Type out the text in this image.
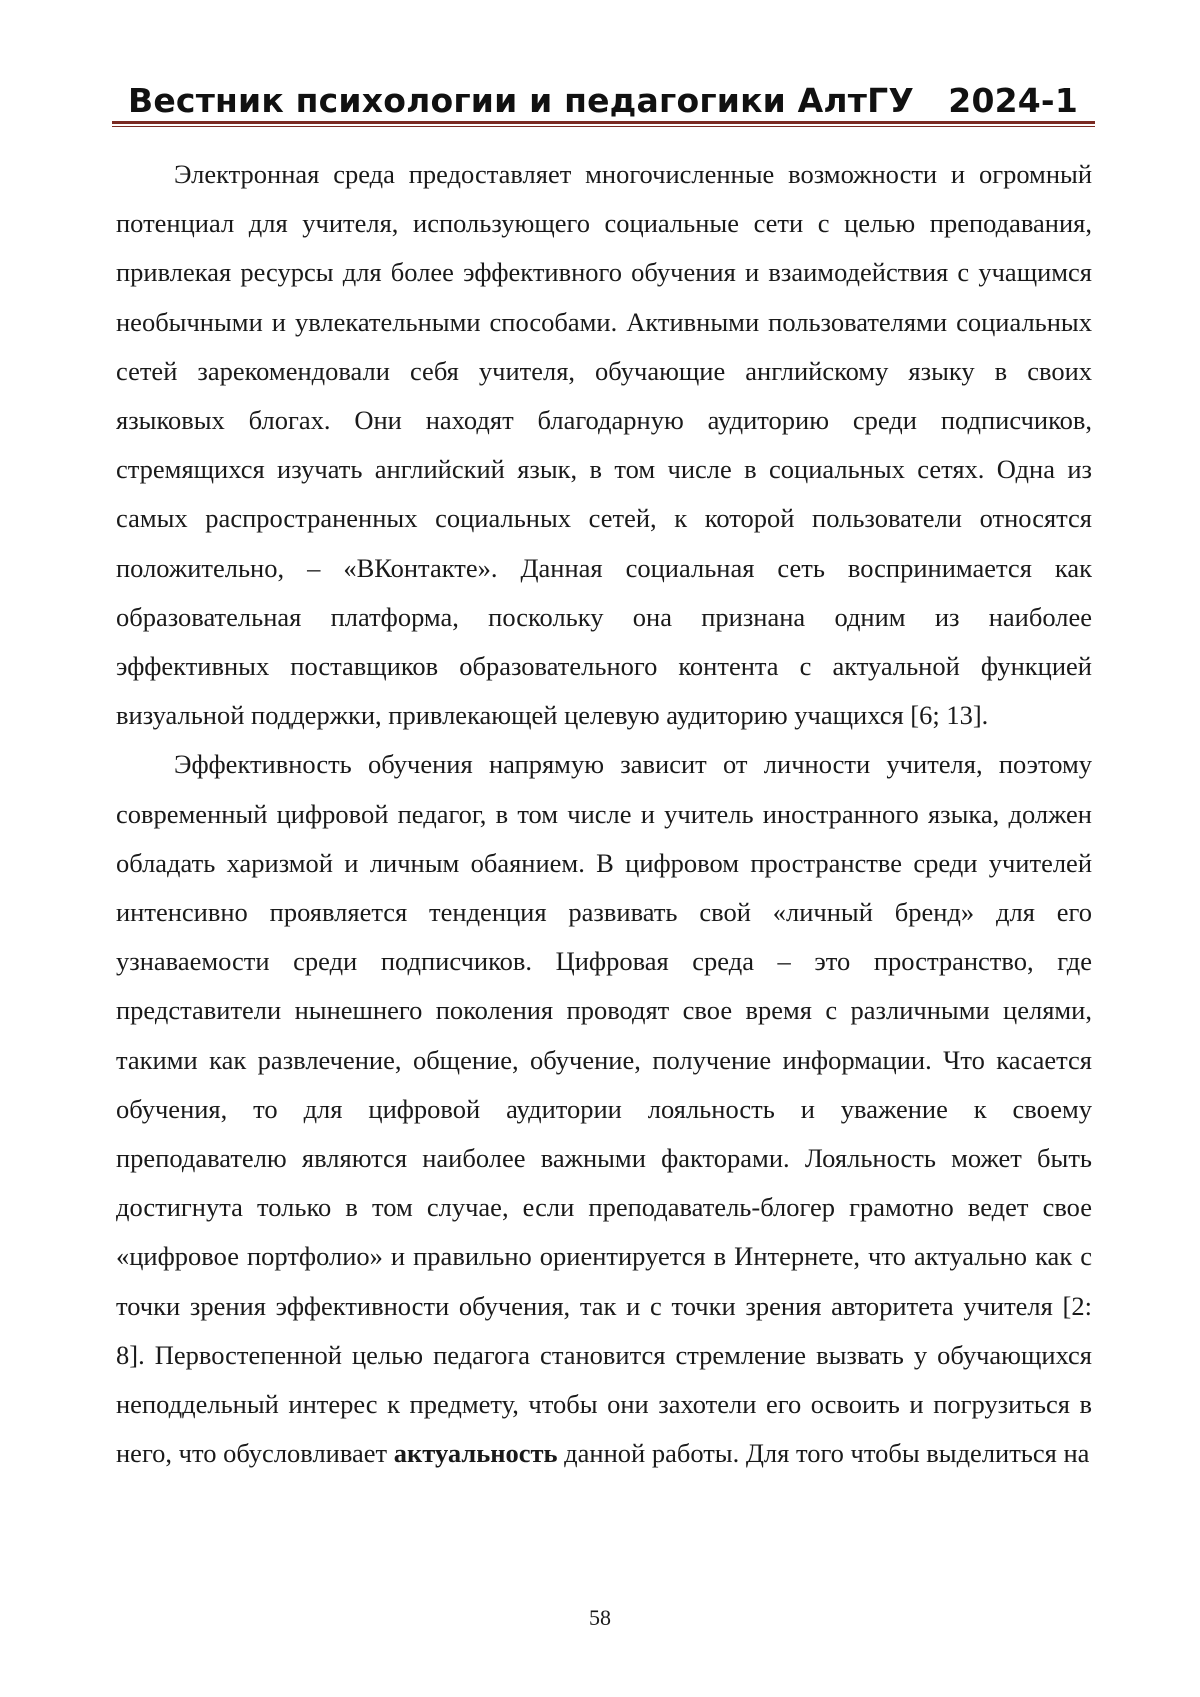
Вестник психологии и педагогики АлтГУ 2024-1

Электронная среда предоставляет многочисленные возможности и огромный потенциал для учителя, использующего социальные сети с целью преподавания, привлекая ресурсы для более эффективного обучения и взаимодействия с учащимся необычными и увлекательными способами. Активными пользователями социальных сетей зарекомендовали себя учителя, обучающие английскому языку в своих языковых блогах. Они находят благодарную аудиторию среди подписчиков, стремящихся изучать английский язык, в том числе в социальных сетях. Одна из самых распространенных социальных сетей, к которой пользователи относятся положительно, – «ВКонтакте». Данная социальная сеть воспринимается как образовательная платформа, поскольку она признана одним из наиболее эффективных поставщиков образовательного контента с актуальной функцией визуальной поддержки, привлекающей целевую аудиторию учащихся [6; 13].

Эффективность обучения напрямую зависит от личности учителя, поэтому современный цифровой педагог, в том числе и учитель иностранного языка, должен обладать харизмой и личным обаянием. В цифровом пространстве среди учителей интенсивно проявляется тенденция развивать свой «личный бренд» для его узнаваемости среди подписчиков. Цифровая среда – это пространство, где представители нынешнего поколения проводят свое время с различными целями, такими как развлечение, общение, обучение, получение информации. Что касается обучения, то для цифровой аудитории лояльность и уважение к своему преподавателю являются наиболее важными факторами. Лояльность может быть достигнута только в том случае, если преподаватель-блогер грамотно ведет свое «цифровое портфолио» и правильно ориентируется в Интернете, что актуально как с точки зрения эффективности обучения, так и с точки зрения авторитета учителя [2: 8]. Первостепенной целью педагога становится стремление вызвать у обучающихся неподдельный интерес к предмету, чтобы они захотели его освоить и погрузиться в него, что обусловливает актуальность данной работы. Для того чтобы выделиться на

58
